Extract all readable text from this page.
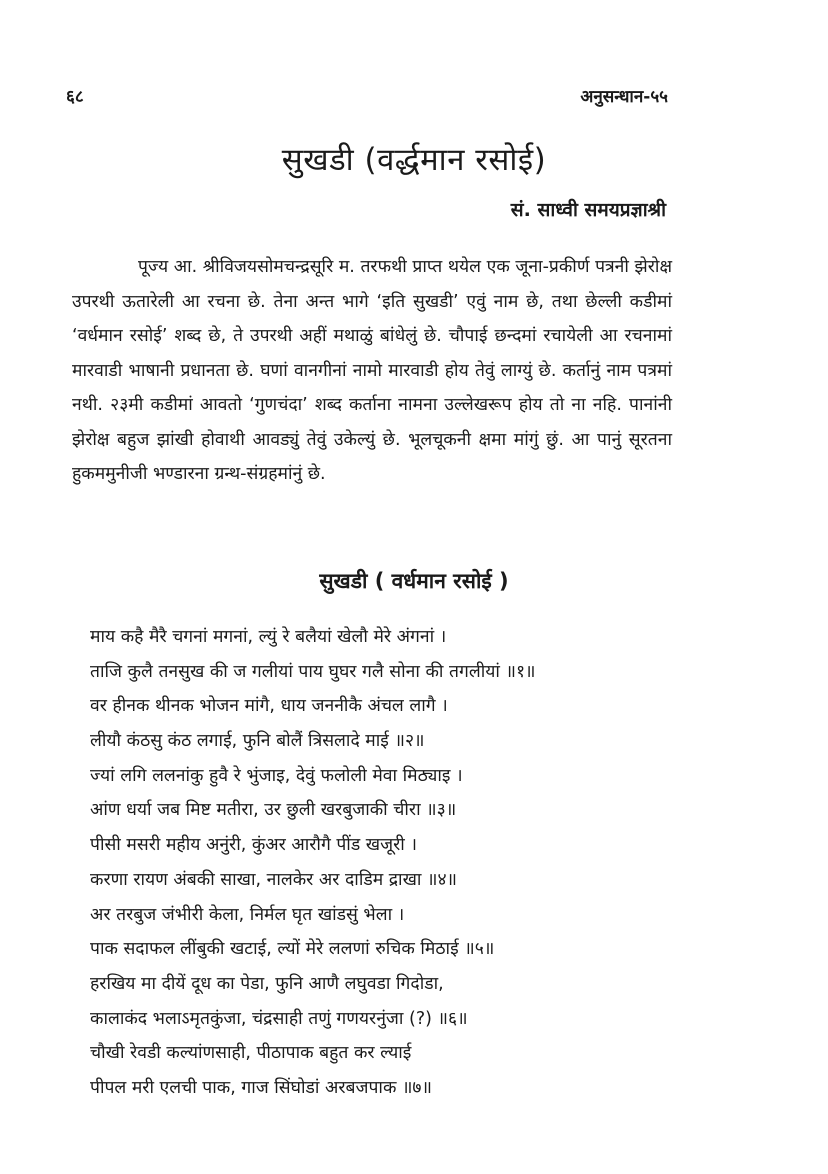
६८	अनुसन्धान-५५
सुखडी (वर्द्धमान रसोई)
सं. साध्वी समयप्रज्ञाश्री

पूज्य आ. श्रीविजयसोमचन्द्रसूरि म. तरफथी प्राप्त थयेल एक जूना-प्रकीर्ण पत्रनी झेरोक्ष उपरथी ऊतारेली आ रचना छे. तेना अन्त भागे ‘इति सुखडी’ एवुं नाम छे, तथा छेल्ली कडीमां ‘वर्धमान रसोई’ शब्द छे, ते उपरथी अहीं मथाळुं बांधेलुं छे. चौपाई छन्दमां रचायेली आ रचनामां मारवाडी भाषानी प्रधानता छे. घणां वानगीनां नामो मारवाडी होय तेवुं लाग्युं छे. कर्तानुं नाम पत्रमां नथी. २३मी कडीमां आवतो ‘गुणचंदा’ शब्द कर्ताना नामना उल्लेखरूप होय तो ना नहि. पानांनी झेरोक्ष बहुज झांखी होवाथी आवड्युं तेवुं उकेल्युं छे. भूलचूकनी क्षमा मांगुं छुं. आ पानुं सूरतना हुकममुनीजी भण्डारना ग्रन्थ-संग्रहमांनुं छे.

सुखडी ( वर्धमान रसोई )
माय कहै मैरै चगनां मगनां, ल्युं रे बलैयां खेलौ मेरे अंगनां ।
ताजि कुलै तनसुख की ज गलीयां पाय घुघर गलै सोना की तगलीयां ॥१॥
वर हीनक थीनक भोजन मांगै, धाय जननीकै अंचल लागै ।
लीयौ कंठसु कंठ लगाई, फुनि बोलैं त्रिसलादे माई ॥२॥
ज्यां लगि ललनांकु हुवै रे भुंजाइ, देवुं फलोली मेवा मिठ्याइ ।
आंण धर्या जब मिष्ट मतीरा, उर छुली खरबुजाकी चीरा ॥३॥
पीसी मसरी महीय अनुंरी, कुंअर आरौगै पींड खजूरी ।
करणा रायण अंबकी साखा, नालकेर अर दाडिम द्राखा ॥४॥
अर तरबुज जंभीरी केला, निर्मल घृत खांडसुं भेला ।
पाक सदाफल लींबुकी खटाई, ल्यों मेरे ललणां रुचिक मिठाई ॥५॥
हरखिय मा दीयें दूध का पेडा, फुनि आणै लघुवडा गिदोडा,
कालाकंद भलाऽमृतकुंजा, चंद्रसाही तणुं गणयरनुंजा (?) ॥६॥
चौखी रेवडी कल्यांणसाही, पीठापाक बहुत कर ल्याई
पीपल मरी एलची पाक, गाज सिंघोडां अरबजपाक ॥७॥
